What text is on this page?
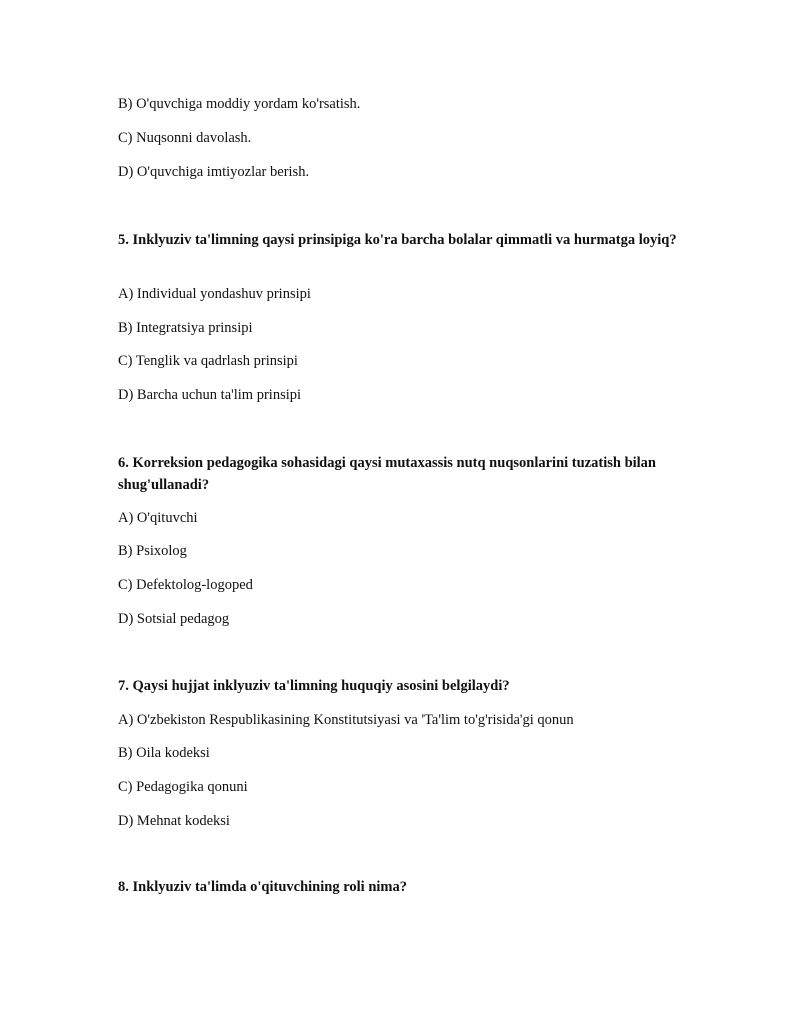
B) O'quvchiga moddiy yordam ko'rsatish.
C) Nuqsonni davolash.
D) O'quvchiga imtiyozlar berish.
5. Inklyuziv ta'limning qaysi prinsipiga ko'ra barcha bolalar qimmatli va hurmatga loyiq?
A) Individual yondashuv prinsipi
B) Integratsiya prinsipi
C) Tenglik va qadrlash prinsipi
D) Barcha uchun ta'lim prinsipi
6. Korreksion pedagogika sohasidagi qaysi mutaxassis nutq nuqsonlarini tuzatish bilan shug'ullanadi?
A) O'qituvchi
B) Psixolog
C) Defektolog-logoped
D) Sotsial pedagog
7. Qaysi hujjat inklyuziv ta'limning huquqiy asosini belgilaydi?
A) O'zbekiston Respublikasining Konstitutsiyasi va 'Ta'lim to'g'risida'gi qonun
B) Oila kodeksi
C) Pedagogika qonuni
D) Mehnat kodeksi
8. Inklyuziv ta'limda o'qituvchining roli nima?
